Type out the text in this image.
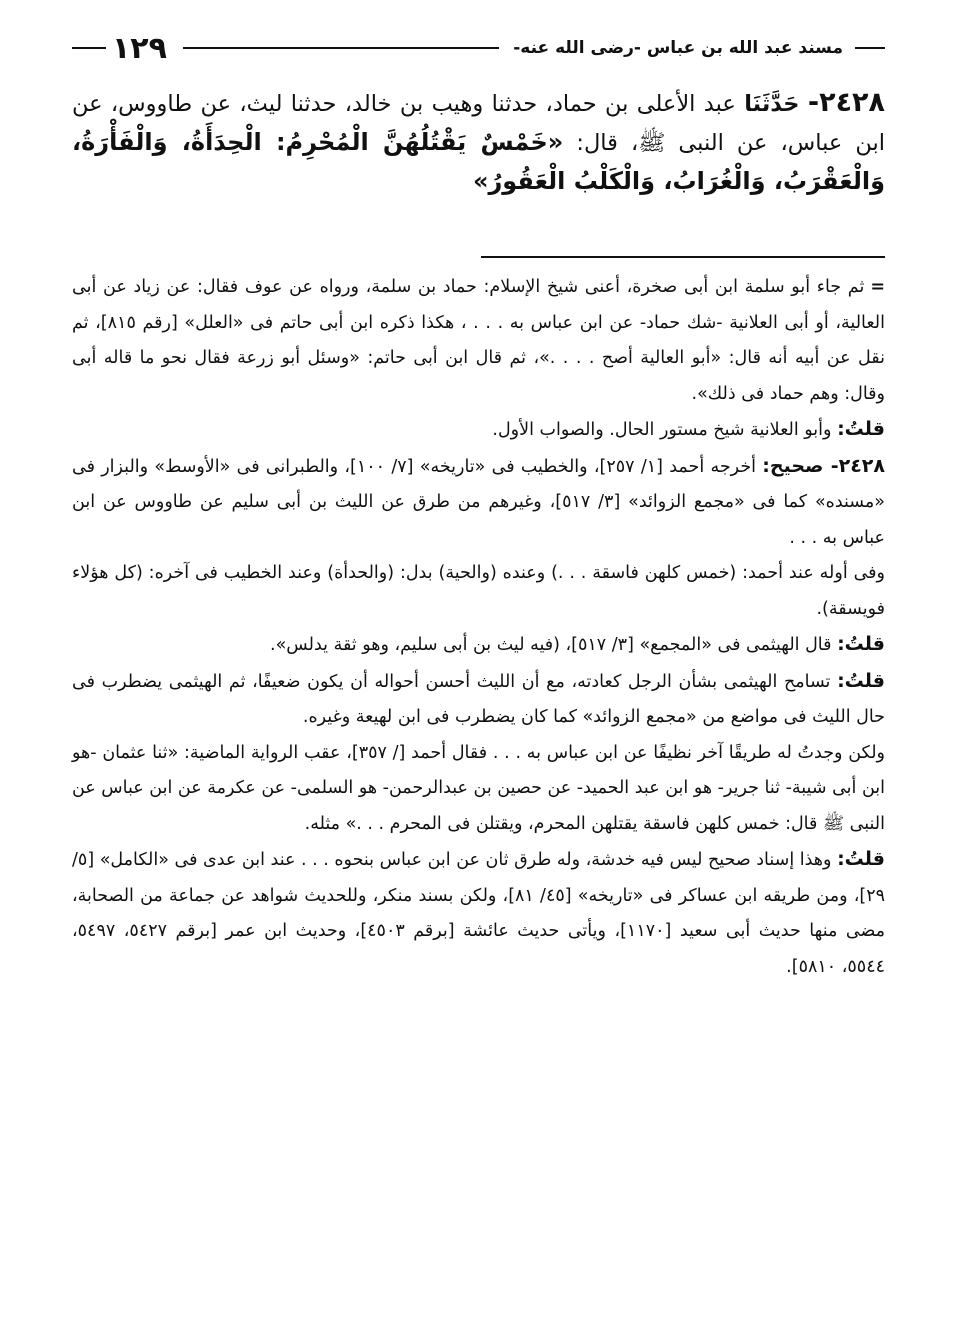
مسند عبد الله بن عباس -رضى الله عنه-
١٢٩
٢٤٢٨- حَدَّثَنَا عبد الأعلى بن حماد، حدثنا وهيب بن خالد، حدثنا ليث، عن طاووس، عن ابن عباس، عن النبى ﷺ، قال: «خَمْسٌ يَقْتُلُهُنَّ الْمُحْرِمُ: الْحِدَأَةُ، وَالْفَأْرَةُ، وَالْعَقْرَبُ، وَالْغُرَابُ، وَالْكَلْبُ الْعَقُورُ»

=ثم جاء أبو سلمة ابن أبى صخرة، أعنى شيخ الإسلام: حماد بن سلمة، ورواه عن عوف فقال: عن زياد عن أبى العالية، أو أبى العلانية -شك حماد- عن ابن عباس به . . . ، هكذا ذكره ابن أبى حاتم فى «العلل» [رقم ٨١٥]، ثم نقل عن أبيه أنه قال: «أبو العالية أصح . . . .»، ثم قال ابن أبى حاتم: «وسئل أبو زرعة فقال نحو ما قاله أبى وقال: وهم حماد فى ذلك».

قلتُ: وأبو العلانية شيخ مستور الحال. والصواب الأول.

٢٤٢٨- صحيح: أخرجه أحمد [١/ ٢٥٧]، والخطيب فى «تاريخه» [٧/ ١٠٠]، والطبرانى فى «الأوسط» والبزار فى «مسنده» كما فى «مجمع الزوائد» [٣/ ٥١٧]، وغيرهم من طرق عن الليث بن أبى سليم عن طاووس عن ابن عباس به . . .

وفى أوله عند أحمد: (خمس كلهن فاسقة . . .) وعنده (والحية) بدل: (والحدأة) وعند الخطيب فى آخره: (كل هؤلاء فويسقة).

قلتُ: قال الهيثمى فى «المجمع» [٣/ ٥١٧]، (فيه ليث بن أبى سليم، وهو ثقة يدلس».

قلتُ: تسامح الهيثمى بشأن الرجل كعادته، مع أن الليث أحسن أحواله أن يكون ضعيفًا، ثم الهيثمى يضطرب فى حال الليث فى مواضع من «مجمع الزوائد» كما كان يضطرب فى ابن لهيعة وغيره.

ولكن وجدتُ له طريقًا آخر نظيفًا عن ابن عباس به . . . فقال أحمد [/ ٣٥٧]، عقب الرواية الماضية: «ثنا عثمان -هو ابن أبى شيبة- ثنا جرير- هو ابن عبد الحميد- عن حصين بن عبدالرحمن- هو السلمى- عن عكرمة عن ابن عباس عن النبى ﷺ قال: خمس كلهن فاسقة يقتلهن المحرم، ويقتلن فى المحرم . . .» مثله.

قلتُ: وهذا إسناد صحيح ليس فيه خدشة، وله طرق ثان عن ابن عباس بنحوه . . . عند ابن عدى فى «الكامل» [٥/ ٢٩]، ومن طريقه ابن عساكر فى «تاريخه» [٤٥/ ٨١]، ولكن بسند منكر، وللحديث شواهد عن جماعة من الصحابة، مضى منها حديث أبى سعيد [١١٧٠]، ويأتى حديث عائشة [برقم ٤٥٠٣]، وحديث ابن عمر [برقم ٥٤٢٧، ٥٤٩٧، ٥٥٤٤، ٥٨١٠].
